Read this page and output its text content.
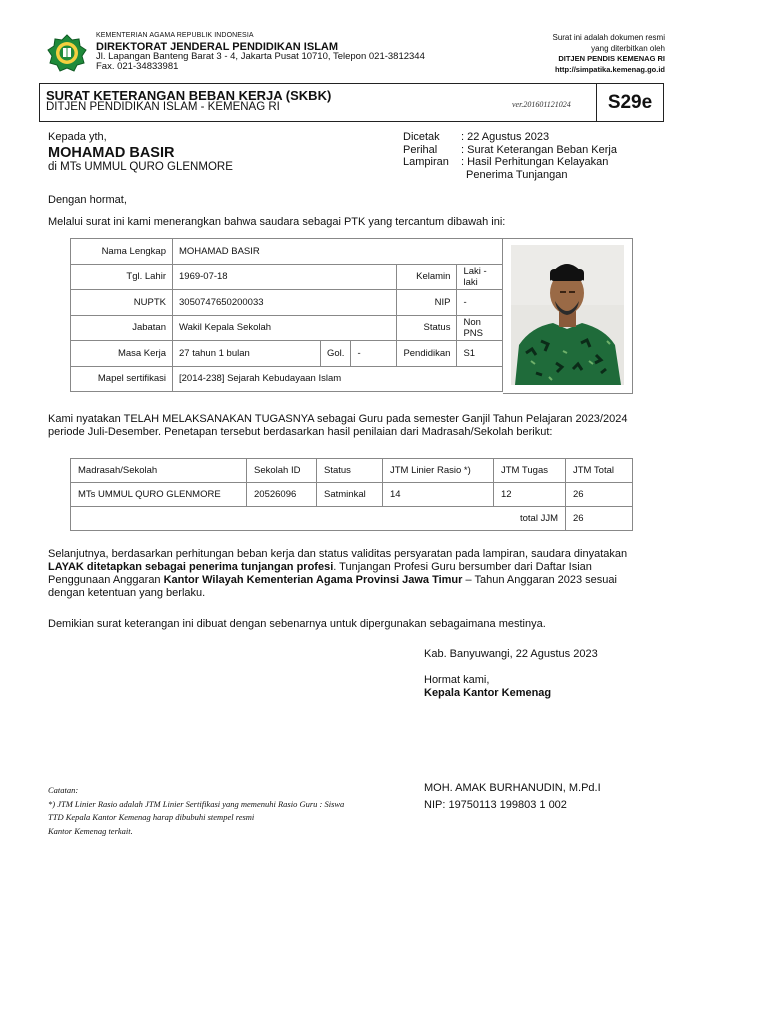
KEMENTERIAN AGAMA REPUBLIK INDONESIA
DIREKTORAT JENDERAL PENDIDIKAN ISLAM
Jl. Lapangan Banteng Barat 3 - 4, Jakarta Pusat 10710, Telepon 021-3812344
Fax. 021-34833981
Surat ini adalah dokumen resmi
yang diterbitkan oleh
DITJEN PENDIS KEMENAG RI
http://simpatika.kemenag.go.id
SURAT KETERANGAN BEBAN KERJA (SKBK)
DITJEN PENDIDIKAN ISLAM - KEMENAG RI	ver.201601121024	S29e
Kepada yth,
MOHAMAD BASIR
di MTs UMMUL QURO GLENMORE
Dicetak	: 22 Agustus 2023
Perihal	: Surat Keterangan Beban Kerja
Lampiran	: Hasil Perhitungan Kelayakan
Penerima Tunjangan
Dengan hormat,
Melalui surat ini kami menerangkan bahwa saudara sebagai PTK yang tercantum dibawah ini:
Nama Lengkap	MOHAMAD BASIR				
Tgl. Lahir	1969-07-18			Kelamin	Laki - laki
NUPTK	3050747650200033			NIP	-
Jabatan	Wakil Kepala Sekolah			Status	Non PNS
Masa Kerja	27 tahun 1 bulan	Gol.	-	Pendidikan	S1
Mapel sertifikasi	[2014-238] Sejarah Kebudayaan Islam				
Kami nyatakan TELAH MELAKSANAKAN TUGASNYA sebagai Guru pada semester Ganjil Tahun Pelajaran 2023/2024
periode Juli-Desember. Penetapan tersebut berdasarkan hasil penilaian dari Madrasah/Sekolah berikut:
Madrasah/Sekolah	Sekolah ID	Status	JTM Linier Rasio *)	JTM Tugas	JTM Total
MTs UMMUL QURO GLENMORE	20526096	Satminkal	14	12	26
total JJM					26
Selanjutnya, berdasarkan perhitungan beban kerja dan status validitas persyaratan pada lampiran, saudara dinyatakan
LAYAK ditetapkan sebagai penerima tunjangan profesi. Tunjangan Profesi Guru bersumber dari Daftar Isian
Penggunaan Anggaran Kantor Wilayah Kementerian Agama Provinsi Jawa Timur – Tahun Anggaran 2023 sesuai
dengan ketentuan yang berlaku.
Demikian surat keterangan ini dibuat dengan sebenarnya untuk dipergunakan sebagaimana mestinya.
Kab. Banyuwangi, 22 Agustus 2023
Hormat kami,
Kepala Kantor Kemenag
MOH. AMAK BURHANUDIN, M.Pd.I
NIP: 19750113 199803 1 002
Catatan:
*) JTM Linier Rasio adalah JTM Linier Sertifikasi yang memenuhi Rasio Guru : Siswa
TTD Kepala Kantor Kemenag harap dibubuhi stempel resmi
Kantor Kemenag terkait.
